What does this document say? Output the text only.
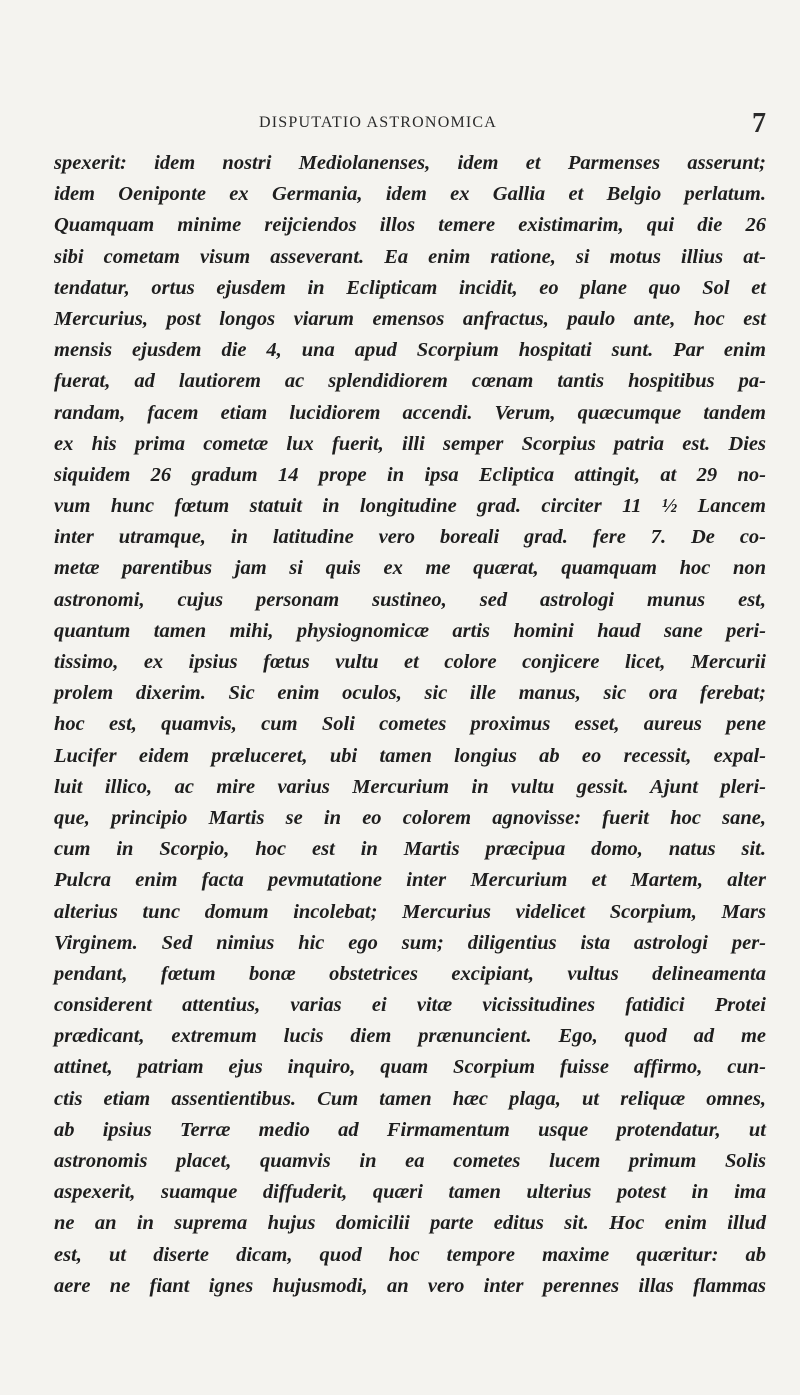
DISPUTATIO ASTRONOMICA	7
spexerit: idem nostri Mediolanenses, idem et Parmenses asserunt;
idem Oeniponte ex Germania, idem ex Gallia et Belgio perlatum.
Quamquam minime reijciendos illos temere existimarim, qui die 26
sibi cometam visum asseverant. Ea enim ratione, si motus illius at-
tendatur, ortus ejusdem in Eclipticam incidit, eo plane quo Sol et
Mercurius, post longos viarum emensos anfractus, paulo ante, hoc est
mensis ejusdem die 4, una apud Scorpium hospitati sunt. Par enim
fuerat, ad lautiorem ac splendidiorem cœnam tantis hospitibus pa-
randam, facem etiam lucidiorem accendi. Verum, quæcumque tandem
ex his prima cometæ lux fuerit, illi semper Scorpius patria est. Dies
siquidem 26 gradum 14 prope in ipsa Ecliptica attingit, at 29 no-
vum hunc fœtum statuit in longitudine grad. circiter 11 ½ Lancem
inter utramque, in latitudine vero boreali grad. fere 7. De co-
metæ parentibus jam si quis ex me quærat, quamquam hoc non
astronomi, cujus personam sustineo, sed astrologi munus est,
quantum tamen mihi, physiognomicæ artis homini haud sane peri-
tissimo, ex ipsius fœtus vultu et colore conjicere licet, Mercurii
prolem dixerim. Sic enim oculos, sic ille manus, sic ora ferebat;
hoc est, quamvis, cum Soli cometes proximus esset, aureus pene
Lucifer eidem præluceret, ubi tamen longius ab eo recessit, expal-
luit illico, ac mire varius Mercurium in vultu gessit. Ajunt pleri-
que, principio Martis se in eo colorem agnovisse: fuerit hoc sane,
cum in Scorpio, hoc est in Martis præcipua domo, natus sit.
Pulcra enim facta pevmutatione inter Mercurium et Martem, alter
alterius tunc domum incolebat; Mercurius videlicet Scorpium, Mars
Virginem. Sed nimius hic ego sum; diligentius ista astrologi per-
pendant, fœtum bonæ obstetrices excipiant, vultus delineamenta
considerent attentius, varias ei vitæ vicissitudines fatidici Protei
prædicant, extremum lucis diem prænuncient. Ego, quod ad me
attinet, patriam ejus inquiro, quam Scorpium fuisse affirmo, cun-
ctis etiam assentientibus. Cum tamen hæc plaga, ut reliquæ omnes,
ab ipsius Terræ medio ad Firmamentum usque protendatur, ut
astronomis placet, quamvis in ea cometes lucem primum Solis
aspexerit, suamque diffuderit, quæri tamen ulterius potest in ima
ne an in suprema hujus domicilii parte editus sit. Hoc enim illud
est, ut diserte dicam, quod hoc tempore maxime quæritur: ab
aere ne fiant ignes hujusmodi, an vero inter perennes illas flammas
